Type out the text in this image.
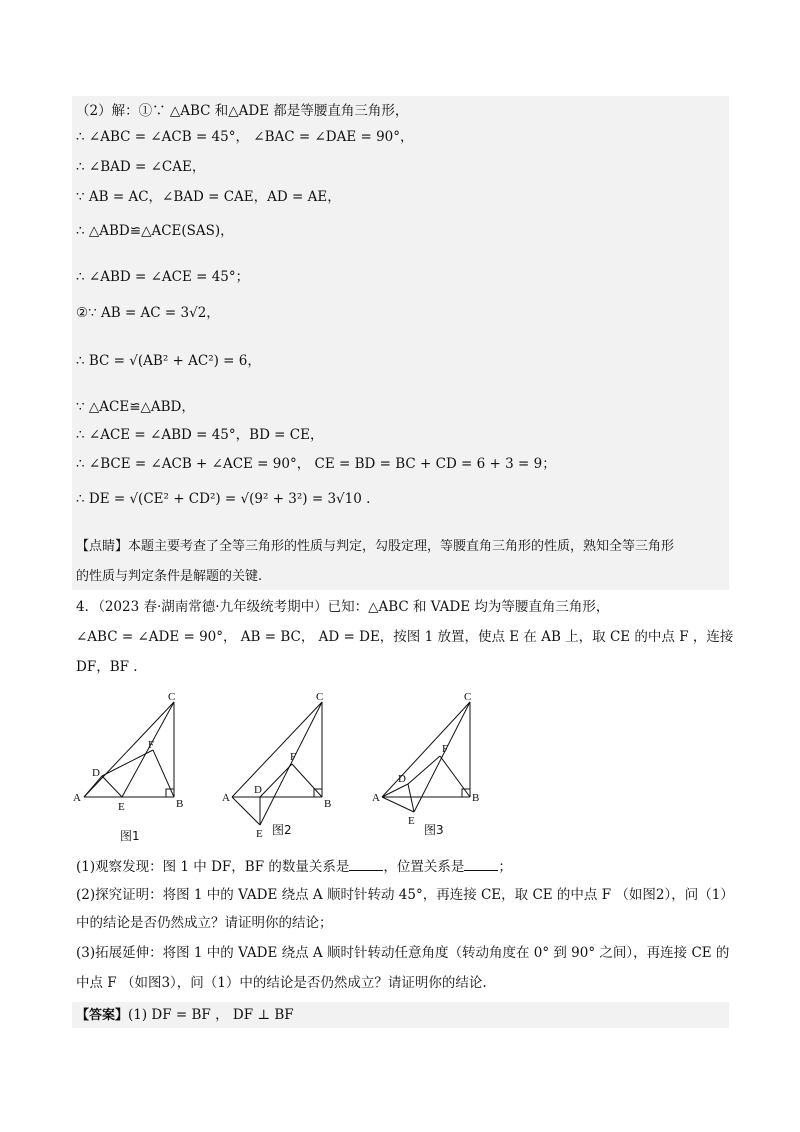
（2）解：①∵ △ABC 和△ADE 都是等腰直角三角形，
∴ ∠ABC = ∠ACB = 45°， ∠BAC = ∠DAE = 90°，
∴ ∠BAD = ∠CAE，
∵ AB = AC，∠BAD = CAE，AD = AE，
∴ △ABD≌△ACE(SAS)，
∴ ∠ABD = ∠ACE = 45°；
②∵ AB = AC = 3√2，
∴ BC = √(AB² + AC²) = 6，
∵ △ACE≌△ABD，
∴ ∠ACE = ∠ABD = 45°，BD = CE，
∴ ∠BCE = ∠ACB + ∠ACE = 90°， CE = BD = BC + CD = 6 + 3 = 9；
∴ DE = √(CE² + CD²) = √(9² + 3²) = 3√10 .
【点睛】本题主要考查了全等三角形的性质与判定，勾股定理，等腰直角三角形的性质，熟知全等三角形
的性质与判定条件是解题的关键.
4．（2023 春·湖南常德·九年级统考期中）已知：△ABC 和 VADE 均为等腰直角三角形，
∠ABC = ∠ADE = 90°， AB = BC， AD = DE，按图 1 放置，使点 E 在 AB 上，取 CE 的中点 F ，连接
DF，BF .
A	B
C
D
E
F
图1
A	B
C
D
E
F
图2
A	B
C
D
E
F
图3
(1)观察发现：图 1 中 DF，BF 的数量关系是	，位置关系是	；
(2)探究证明：将图 1 中的 VADE 绕点 A 顺时针转动 45°，再连接 CE，取 CE 的中点 F （如图2），问（1）
中的结论是否仍然成立？请证明你的结论；
(3)拓展延伸：将图 1 中的 VADE 绕点 A 顺时针转动任意角度（转动角度在 0° 到 90° 之间），再连接 CE 的
中点 F （如图3），问（1）中的结论是否仍然成立？请证明你的结论.
【答案】(1) DF = BF ， DF ⊥ BF
